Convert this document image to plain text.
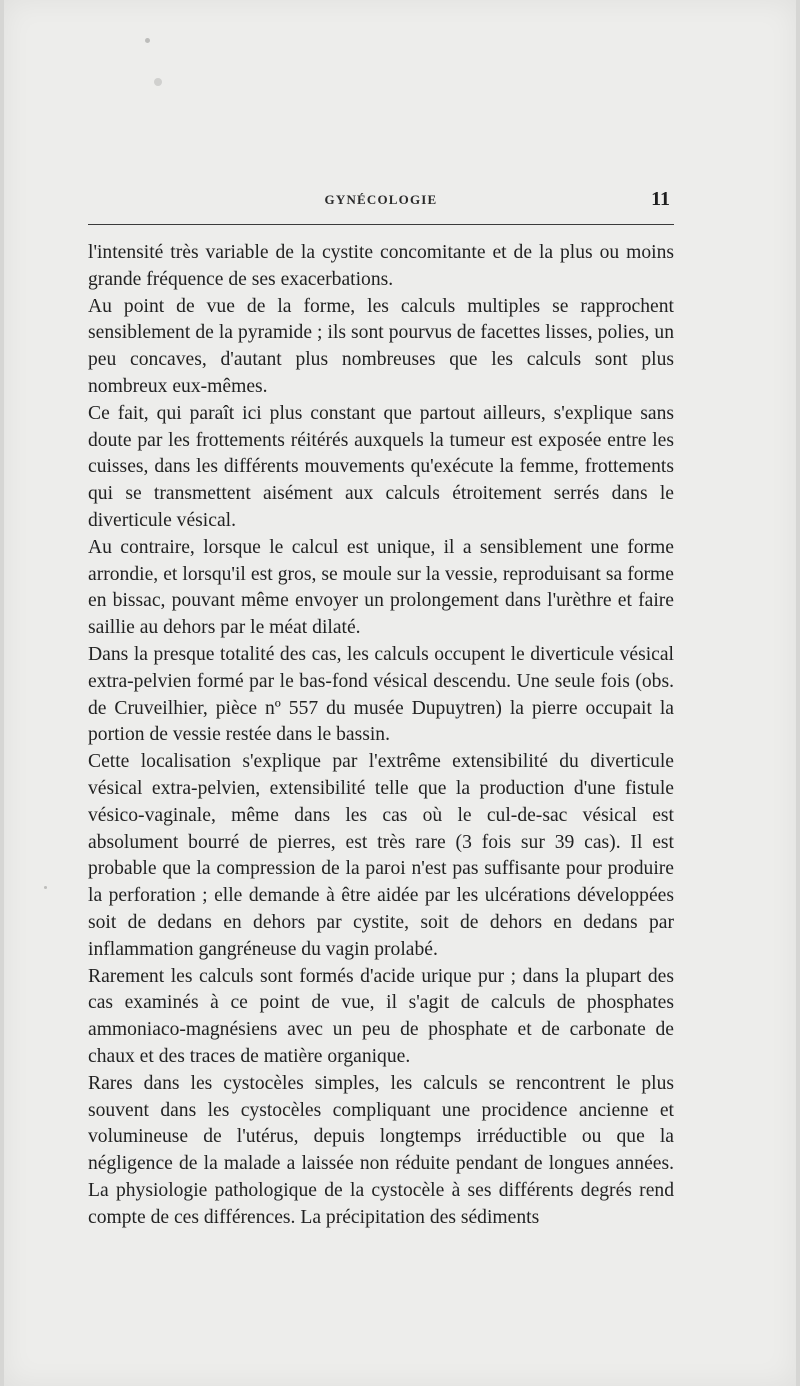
GYNÉCOLOGIE	11

l'intensité très variable de la cystite concomitante et de la plus ou moins grande fréquence de ses exacerbations.

Au point de vue de la forme, les calculs multiples se rapprochent sensiblement de la pyramide ; ils sont pourvus de facettes lisses, polies, un peu concaves, d'autant plus nombreuses que les calculs sont plus nombreux eux-mêmes.

Ce fait, qui paraît ici plus constant que partout ailleurs, s'explique sans doute par les frottements réitérés auxquels la tumeur est exposée entre les cuisses, dans les différents mouvements qu'exécute la femme, frottements qui se transmettent aisément aux calculs étroitement serrés dans le diverticule vésical.

Au contraire, lorsque le calcul est unique, il a sensiblement une forme arrondie, et lorsqu'il est gros, se moule sur la vessie, reproduisant sa forme en bissac, pouvant même envoyer un prolongement dans l'urèthre et faire saillie au dehors par le méat dilaté.

Dans la presque totalité des cas, les calculs occupent le diverticule vésical extra-pelvien formé par le bas-fond vésical descendu. Une seule fois (obs. de Cruveilhier, pièce nº 557 du musée Dupuytren) la pierre occupait la portion de vessie restée dans le bassin.

Cette localisation s'explique par l'extrême extensibilité du diverticule vésical extra-pelvien, extensibilité telle que la production d'une fistule vésico-vaginale, même dans les cas où le cul-de-sac vésical est absolument bourré de pierres, est très rare (3 fois sur 39 cas). Il est probable que la compression de la paroi n'est pas suffisante pour produire la perforation ; elle demande à être aidée par les ulcérations développées soit de dedans en dehors par cystite, soit de dehors en dedans par inflammation gangréneuse du vagin prolabé.

Rarement les calculs sont formés d'acide urique pur ; dans la plupart des cas examinés à ce point de vue, il s'agit de calculs de phosphates ammoniaco-magnésiens avec un peu de phosphate et de carbonate de chaux et des traces de matière organique.

Rares dans les cystocèles simples, les calculs se rencontrent le plus souvent dans les cystocèles compliquant une procidence ancienne et volumineuse de l'utérus, depuis longtemps irréductible ou que la négligence de la malade a laissée non réduite pendant de longues années. La physiologie pathologique de la cystocèle à ses différents degrés rend compte de ces différences. La précipitation des sédiments
